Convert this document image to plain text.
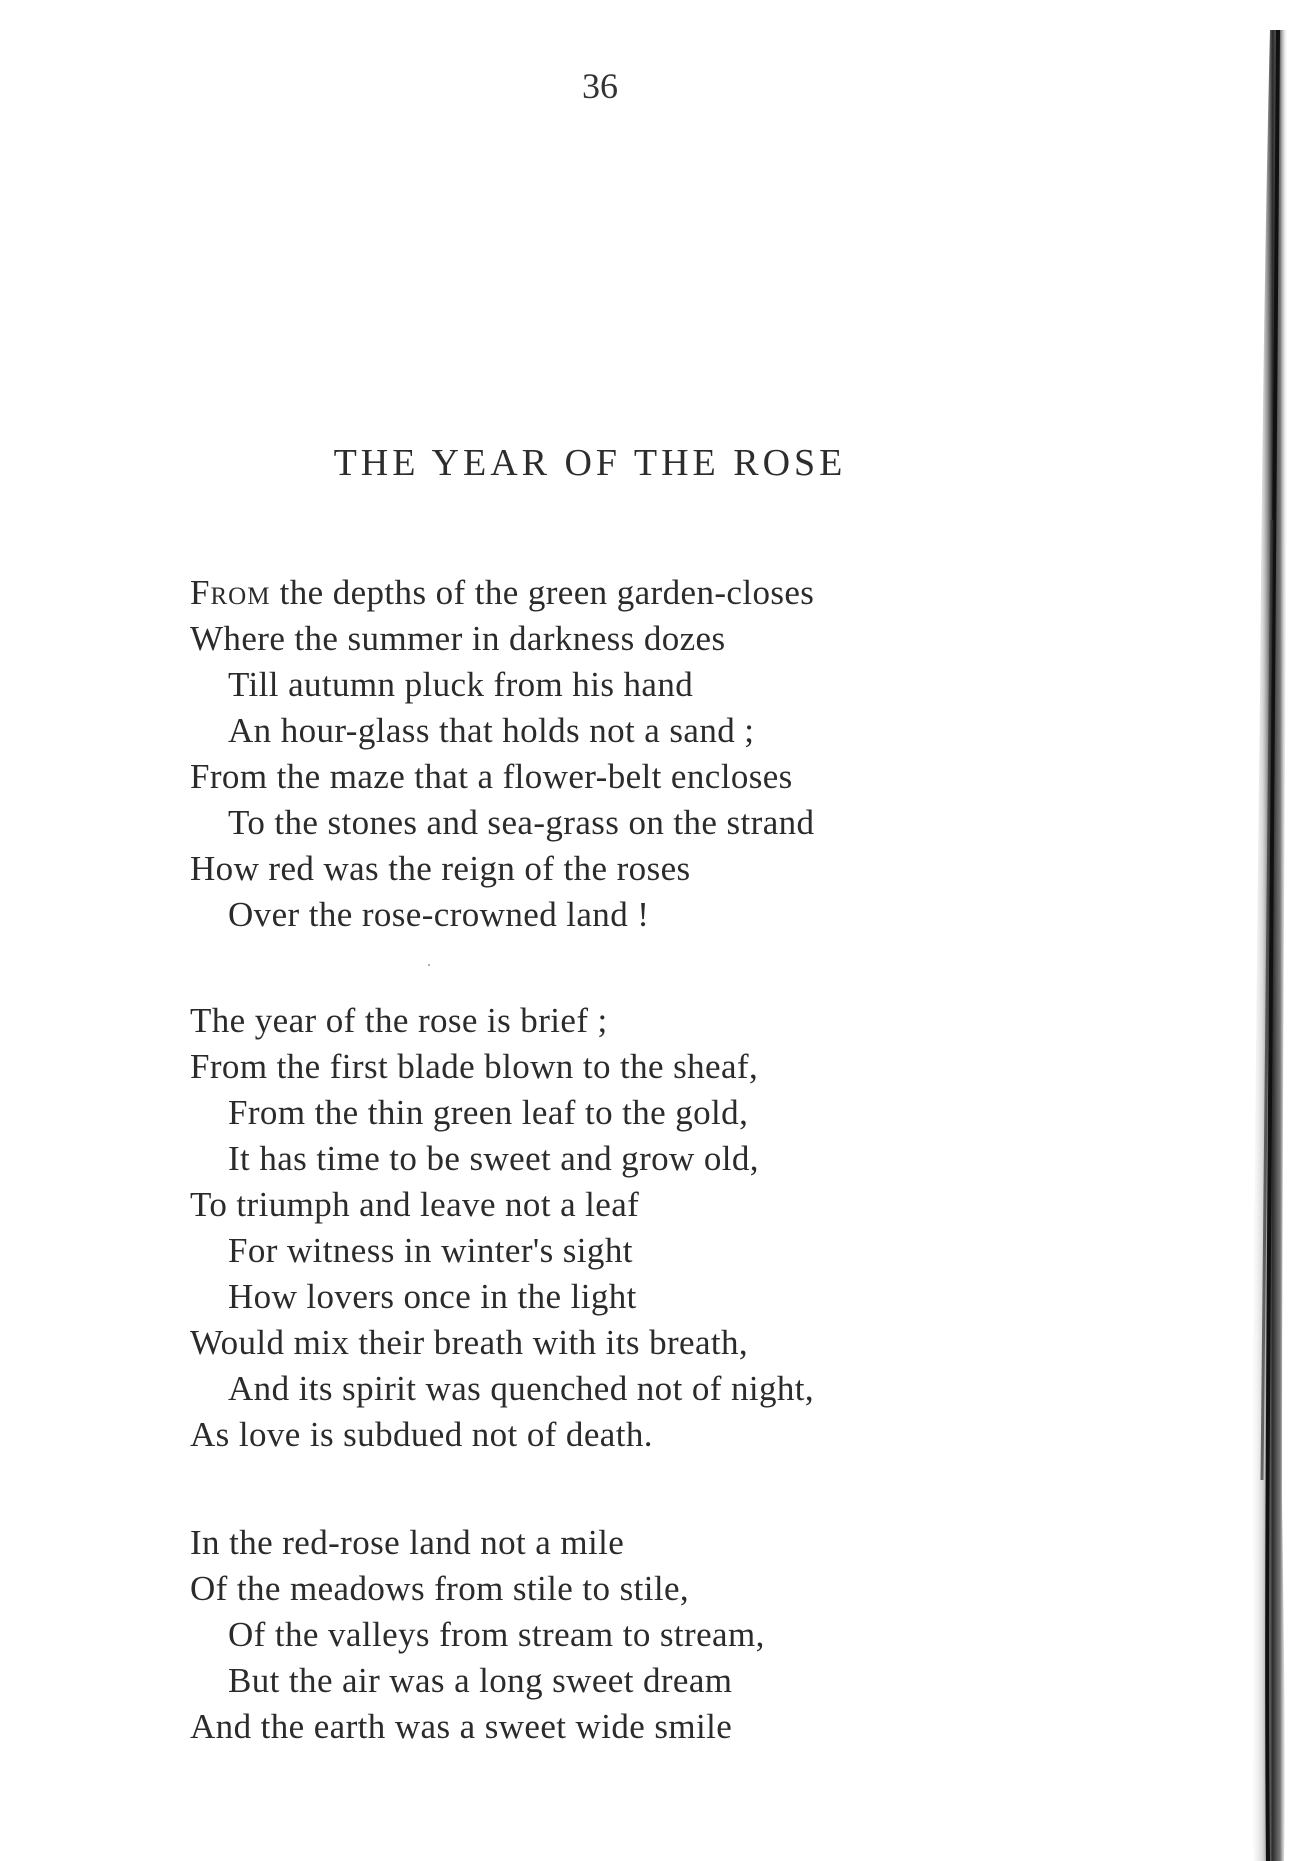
36
THE YEAR OF THE ROSE
From the depths of the green garden-closes
Where the summer in darkness dozes
Till autumn pluck from his hand
An hour-glass that holds not a sand ;
From the maze that a flower-belt encloses
To the stones and sea-grass on the strand
How red was the reign of the roses
Over the rose-crowned land !
The year of the rose is brief ;
From the first blade blown to the sheaf,
From the thin green leaf to the gold,
It has time to be sweet and grow old,
To triumph and leave not a leaf
For witness in winter's sight
How lovers once in the light
Would mix their breath with its breath,
And its spirit was quenched not of night,
As love is subdued not of death.
In the red-rose land not a mile
Of the meadows from stile to stile,
Of the valleys from stream to stream,
But the air was a long sweet dream
And the earth was a sweet wide smile
